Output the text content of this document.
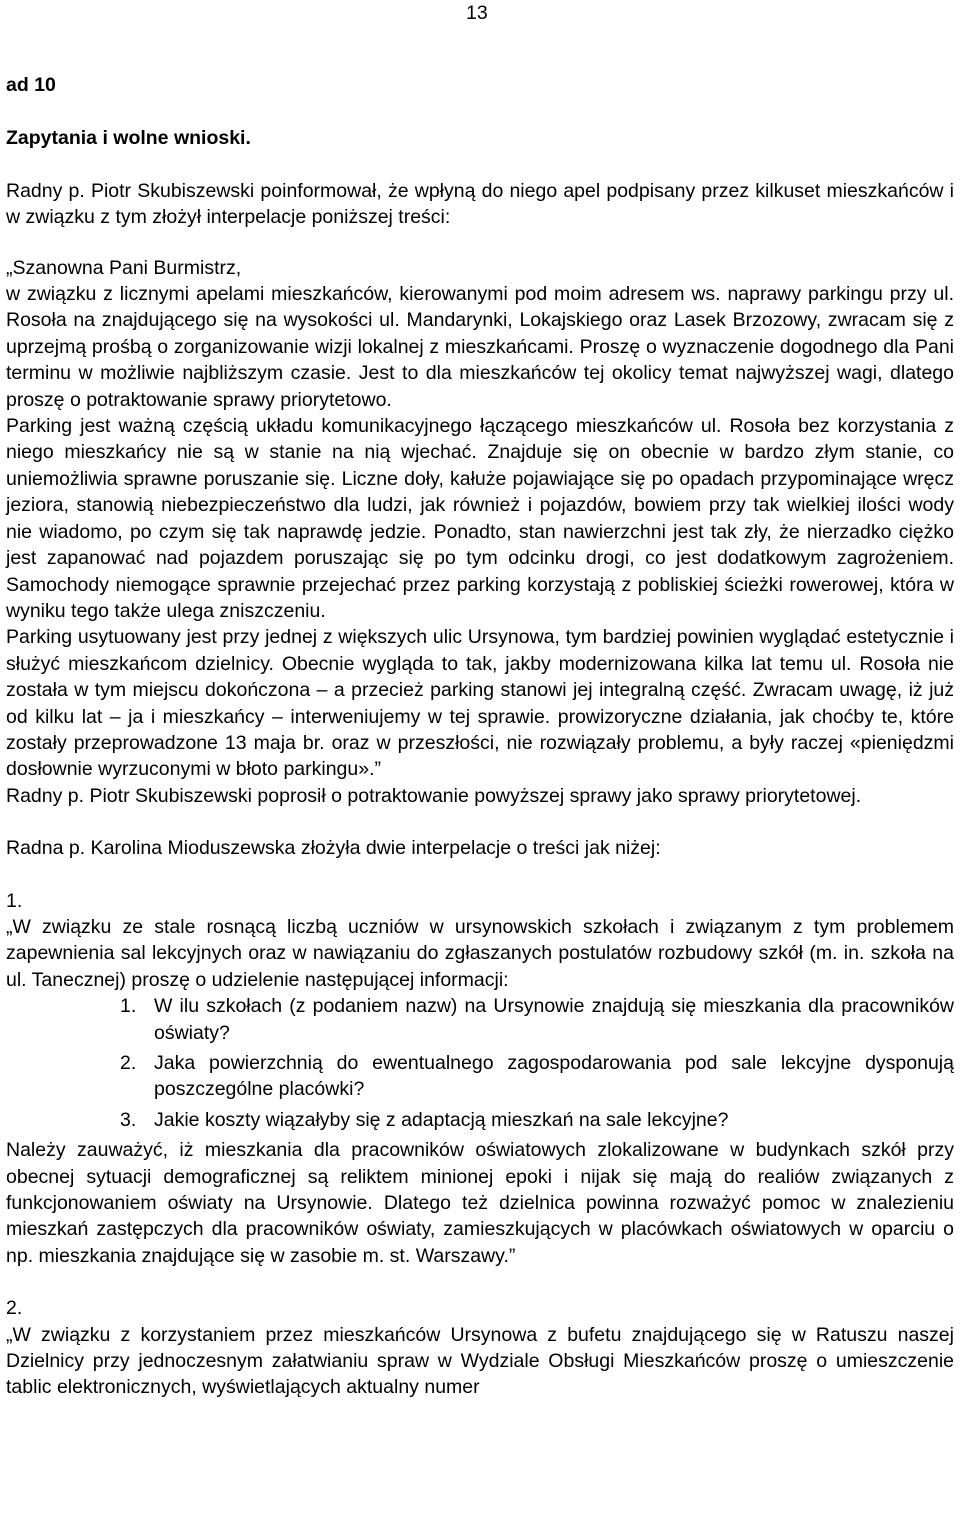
13

ad 10

Zapytania i wolne wnioski.

Radny p. Piotr Skubiszewski poinformował, że wpłyną do niego apel podpisany przez kilkuset mieszkańców i w związku z tym złożył interpelacje poniższej treści:

„Szanowna Pani Burmistrz,

w związku z licznymi apelami mieszkańców, kierowanymi pod moim adresem ws. naprawy parkingu przy ul. Rosoła na znajdującego się na wysokości ul. Mandarynki, Lokajskiego oraz Lasek Brzozowy, zwracam się z uprzejmą prośbą o zorganizowanie wizji lokalnej z mieszkańcami. Proszę o wyznaczenie dogodnego dla Pani terminu w możliwie najbliższym czasie. Jest to dla mieszkańców tej okolicy temat najwyższej wagi, dlatego proszę o potraktowanie sprawy priorytetowo.

Parking jest ważną częścią układu komunikacyjnego łączącego mieszkańców ul. Rosoła bez korzystania z niego mieszkańcy nie są w stanie na nią wjechać. Znajduje się on obecnie w bardzo złym stanie, co uniemożliwia sprawne poruszanie się. Liczne doły, kałuże pojawiające się po opadach przypominające wręcz jeziora, stanowią niebezpieczeństwo dla ludzi, jak również i pojazdów, bowiem przy tak wielkiej ilości wody nie wiadomo, po czym się tak naprawdę jedzie. Ponadto, stan nawierzchni jest tak zły, że nierzadko ciężko jest zapanować nad pojazdem poruszając się po tym odcinku drogi, co jest dodatkowym zagrożeniem. Samochody niemogące sprawnie przejechać przez parking korzystają z pobliskiej ścieżki rowerowej, która w wyniku tego także ulega zniszczeniu.

Parking usytuowany jest przy jednej z większych ulic Ursynowa, tym bardziej powinien wyglądać estetycznie i służyć mieszkańcom dzielnicy. Obecnie wygląda to tak, jakby modernizowana kilka lat temu ul. Rosoła nie została w tym miejscu dokończona – a przecież parking stanowi jej integralną część. Zwracam uwagę, iż już od kilku lat – ja i mieszkańcy – interweniujemy w tej sprawie. prowizoryczne działania, jak choćby te, które zostały przeprowadzone 13 maja br. oraz w przeszłości, nie rozwiązały problemu, a były raczej «pieniędzmi dosłownie wyrzuconymi w błoto parkingu».”

Radny p. Piotr Skubiszewski poprosił o potraktowanie powyższej sprawy jako sprawy priorytetowej.

Radna p. Karolina Mioduszewska złożyła dwie interpelacje o treści jak niżej:

1.

„W związku ze stale rosnącą liczbą uczniów w ursynowskich szkołach i związanym z tym problemem zapewnienia sal lekcyjnych oraz w nawiązaniu do zgłaszanych postulatów rozbudowy szkół (m. in. szkoła na ul. Tanecznej) proszę o udzielenie następującej informacji:

1. W ilu szkołach (z podaniem nazw) na Ursynowie znajdują się mieszkania dla pracowników oświaty?
2. Jaka powierzchnią do ewentualnego zagospodarowania pod sale lekcyjne dysponują poszczególne placówki?
3. Jakie koszty wiązałyby się z adaptacją mieszkań na sale lekcyjne?

Należy zauważyć, iż mieszkania dla pracowników oświatowych zlokalizowane w budynkach szkół przy obecnej sytuacji demograficznej są reliktem minionej epoki i nijak się mają do realiów związanych z funkcjonowaniem oświaty na Ursynowie. Dlatego też dzielnica powinna rozważyć pomoc w znalezieniu mieszkań zastępczych dla pracowników oświaty, zamieszkujących w placówkach oświatowych w oparciu o np. mieszkania znajdujące się w zasobie m. st. Warszawy.”

2.

„W związku z korzystaniem przez mieszkańców Ursynowa z bufetu znajdującego się w Ratuszu naszej Dzielnicy przy jednoczesnym załatwianiu spraw w Wydziale Obsługi Mieszkańców proszę o umieszczenie tablic elektronicznych, wyświetlających aktualny numer
